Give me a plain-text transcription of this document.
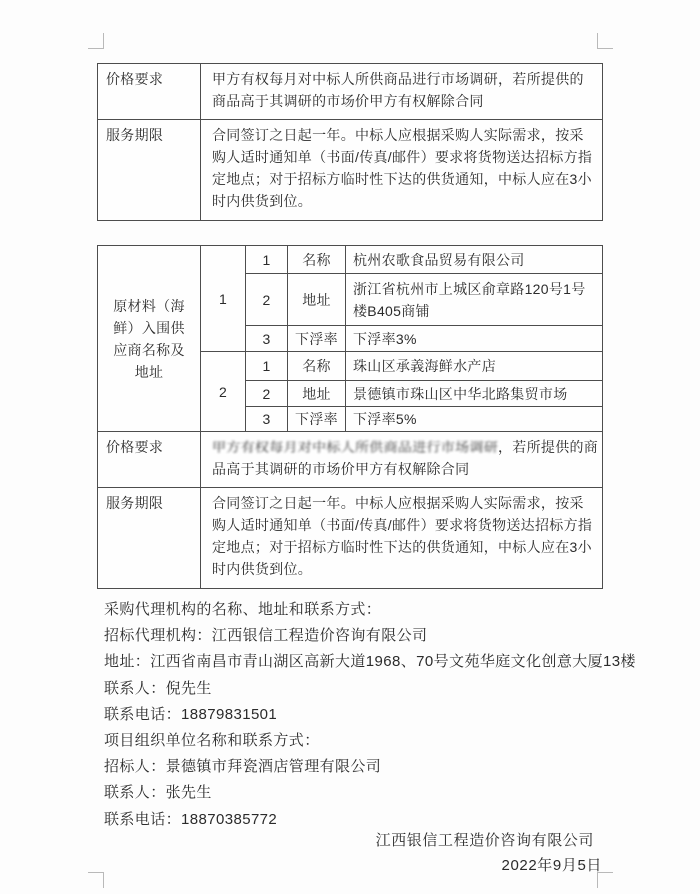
价格要求	甲方有权每月对中标人所供商品进行市场调研，若所提供的商品高于其调研的市场价甲方有权解除合同
服务期限	合同签订之日起一年。中标人应根据采购人实际需求，按采购人适时通知单（书面/传真/邮件）要求将货物送达招标方指定地点；对于招标方临时性下达的供货通知，中标人应在3小时内供货到位。
原材料（海鲜）入围供应商名称及地址	1	1	名称	杭州农歌食品贸易有限公司
		2	地址	浙江省杭州市上城区俞章路120号1号楼B405商铺
		3	下浮率	下浮率3%
	2	1	名称	珠山区承義海鲜水产店
		2	地址	景德镇市珠山区中华北路集贸市场
		3	下浮率	下浮率5%
价格要求	甲方有权每月对中标人所供商品进行市场调研，若所提供的商
品高于其调研的市场价甲方有权解除合同			

服务期限	合同签订之日起一年。中标人应根据采购人实际需求，按采购人适时通知单（书面/传真/邮件）要求将货物送达招标方指定地点；对于招标方临时性下达的供货通知，中标人应在3小时内供货到位。			
采购代理机构的名称、地址和联系方式：
招标代理机构：江西银信工程造价咨询有限公司
地址：江西省南昌市青山湖区高新大道1968、70号文苑华庭文化创意大厦13楼
联系人：倪先生
联系电话：18879831501
项目组织单位名称和联系方式：
招标人：景德镇市拜瓷酒店管理有限公司
联系人：张先生
联系电话：18870385772
江西银信工程造价咨询有限公司
2022年9月5日
